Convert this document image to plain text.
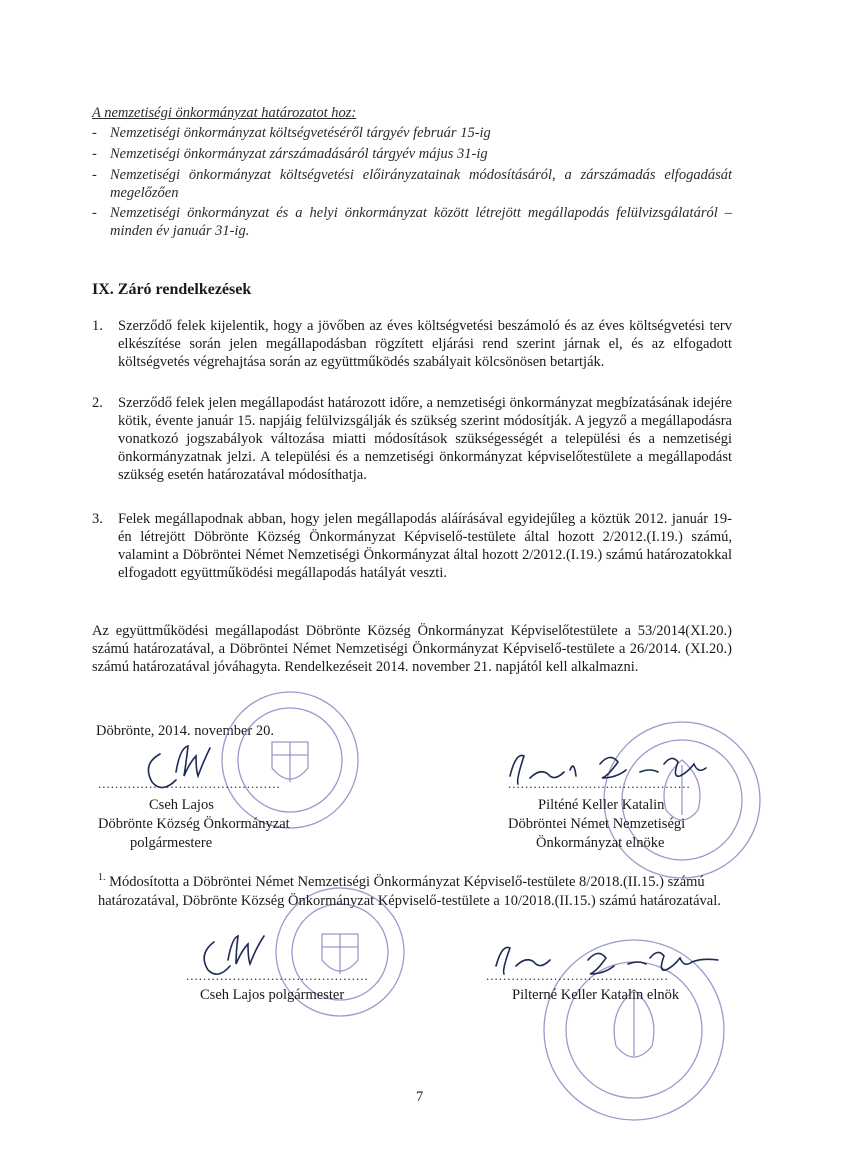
A nemzetiségi önkormányzat határozatot hoz:
- Nemzetiségi önkormányzat költségvetéséről tárgyév február 15-ig
- Nemzetiségi önkormányzat zárszámadásáról tárgyév május 31-ig
- Nemzetiségi önkormányzat költségvetési előirányzatainak módosításáról, a zárszámadás elfogadását megelőzően
- Nemzetiségi önkormányzat és a helyi önkormányzat között létrejött megállapodás felülvizsgálatáról – minden év január 31-ig.
IX. Záró rendelkezések
1. Szerződő felek kijelentik, hogy a jövőben az éves költségvetési beszámoló és az éves költségvetési terv elkészítése során jelen megállapodásban rögzített eljárási rend szerint járnak el, és az elfogadott költségvetés végrehajtása során az együttműködés szabályait kölcsönösen betartják.
2. Szerződő felek jelen megállapodást határozott időre, a nemzetiségi önkormányzat megbízatásának idejére kötik, évente január 15. napjáig felülvizsgálják és szükség szerint módosítják. A jegyző a megállapodásra vonatkozó jogszabályok változása miatti módosítások szükségességét a települési és a nemzetiségi önkormányzatnak jelzi. A települési és a nemzetiségi önkormányzat képviselőtestülete a megállapodást szükség esetén határozatával módosíthatja.
3. Felek megállapodnak abban, hogy jelen megállapodás aláírásával egyidejűleg a köztük 2012. január 19-én létrejött Döbrönte Község Önkormányzat Képviselő-testülete által hozott 2/2012.(I.19.) számú, valamint a Döbröntei Német Nemzetiségi Önkormányzat által hozott 2/2012.(I.19.) számú határozatokkal elfogadott együttműködési megállapodás hatályát veszti.
Az együttműködési megállapodást Döbrönte Község Önkormányzat Képviselőtestülete a 53/2014(XI.20.) számú határozatával, a Döbröntei Német Nemzetiségi Önkormányzat Képviselő-testülete a 26/2014. (XI.20.) számú határozatával jóváhagyta. Rendelkezéseit 2014. november 21. napjától kell alkalmazni.
Döbrönte, 2014. november 20.
...........................................	...........................................
Cseh Lajos
Döbrönte Község Önkormányzat
polgármestere
Pilténé Keller Katalin
Döbröntei Német Nemzetiségi
Önkormányzat elnöke
$^{1.}$ Módosította a Döbröntei Német Nemzetiségi Önkormányzat Képviselő-testülete 8/2018.(II.15.) számú határozatával, Döbrönte Község Önkormányzat Képviselő-testülete a 10/2018.(II.15.) számú határozatával.
...........................................	...........................................
Cseh Lajos polgármester	Pilterné Keller Katalin elnök
7
